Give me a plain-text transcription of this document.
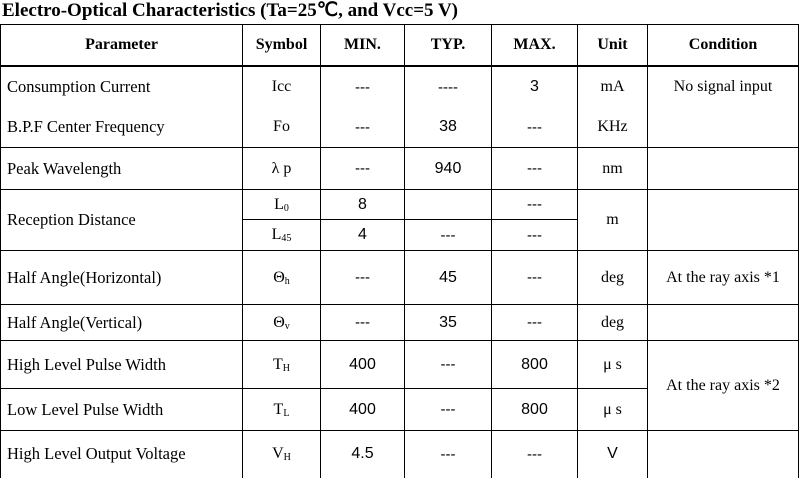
Electro-Optical Characteristics (Ta=25℃, and Vcc=5 V)
Parameter	Symbol	MIN.	TYP.	MAX.	Unit	Condition
Consumption Current	Icc	---	----	3	mA	No signal input
B.P.F Center Frequency	Fo	---	38	---	KHz	
Peak Wavelength	λ p	---	940	---	nm	
Reception Distance	$L_0$	8		---	m	
	$L_{45}$	4	---	---		
Half Angle(Horizontal)	$\Theta_h$	---	45	---	deg	At the ray axis *1
Half Angle(Vertical)	$\Theta_v$	---	35	---	deg	
High Level Pulse Width	$T_H$	400	---	800	μ s	At the ray axis *2
Low Level Pulse Width	$T_L$	400	---	800	μ s	
High Level Output Voltage	$V_H$	4.5	---	---	V	
